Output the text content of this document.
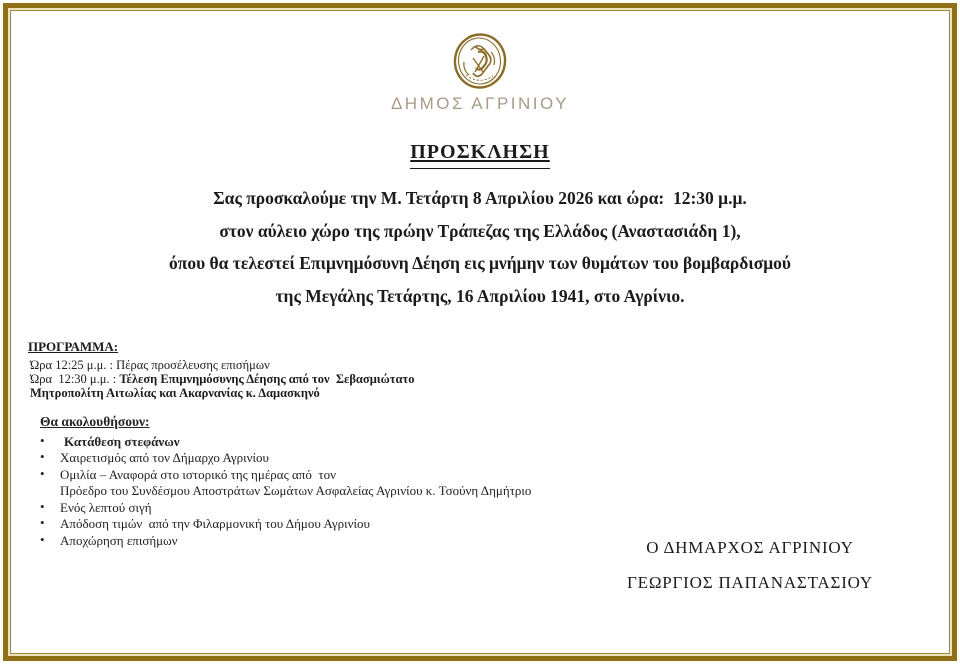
ΔΗΜΟΣ ΑΓΡΙΝΙΟΥ
ΠΡΟΣΚΛΗΣΗ
Σας προσκαλούμε την Μ. Τετάρτη 8 Απριλίου 2026 και ώρα:  12:30 μ.μ.
στον αύλειο χώρο της πρώην Τράπεζας της Ελλάδος (Αναστασιάδη 1),
όπου θα τελεστεί Επιμνημόσυνη Δέηση εις μνήμην των θυμάτων του βομβαρδισμού
της Μεγάλης Τετάρτης, 16 Απριλίου 1941, στο Αγρίνιο.
ΠΡΟΓΡΑΜΜΑ:
Ώρα 12:25 μ.μ. : Πέρας προσέλευσης επισήμων
Ώρα  12:30 μ.μ. : Τέλεση Επιμνημόσυνης Δέησης από τον  Σεβασμιώτατο
Μητροπολίτη Αιτωλίας και Ακαρνανίας κ. Δαμασκηνό
Θα ακολουθήσουν:
• Κατάθεση στεφάνων
• Χαιρετισμός από τον Δήμαρχο Αγρινίου
• Ομιλία – Αναφορά στο ιστορικό της ημέρας από  τον
Πρόεδρο του Συνδέσμου Αποστράτων Σωμάτων Ασφαλείας Αγρινίου κ. Τσούνη Δημήτριο
• Ενός λεπτού σιγή
• Απόδοση τιμών  από την Φιλαρμονική του Δήμου Αγρινίου
• Αποχώρηση επισήμων	Ο ΔΗΜΑΡΧΟΣ ΑΓΡΙΝΙΟΥ
ΓΕΩΡΓΙΟΣ ΠΑΠΑΝΑΣΤΑΣΙΟΥ
